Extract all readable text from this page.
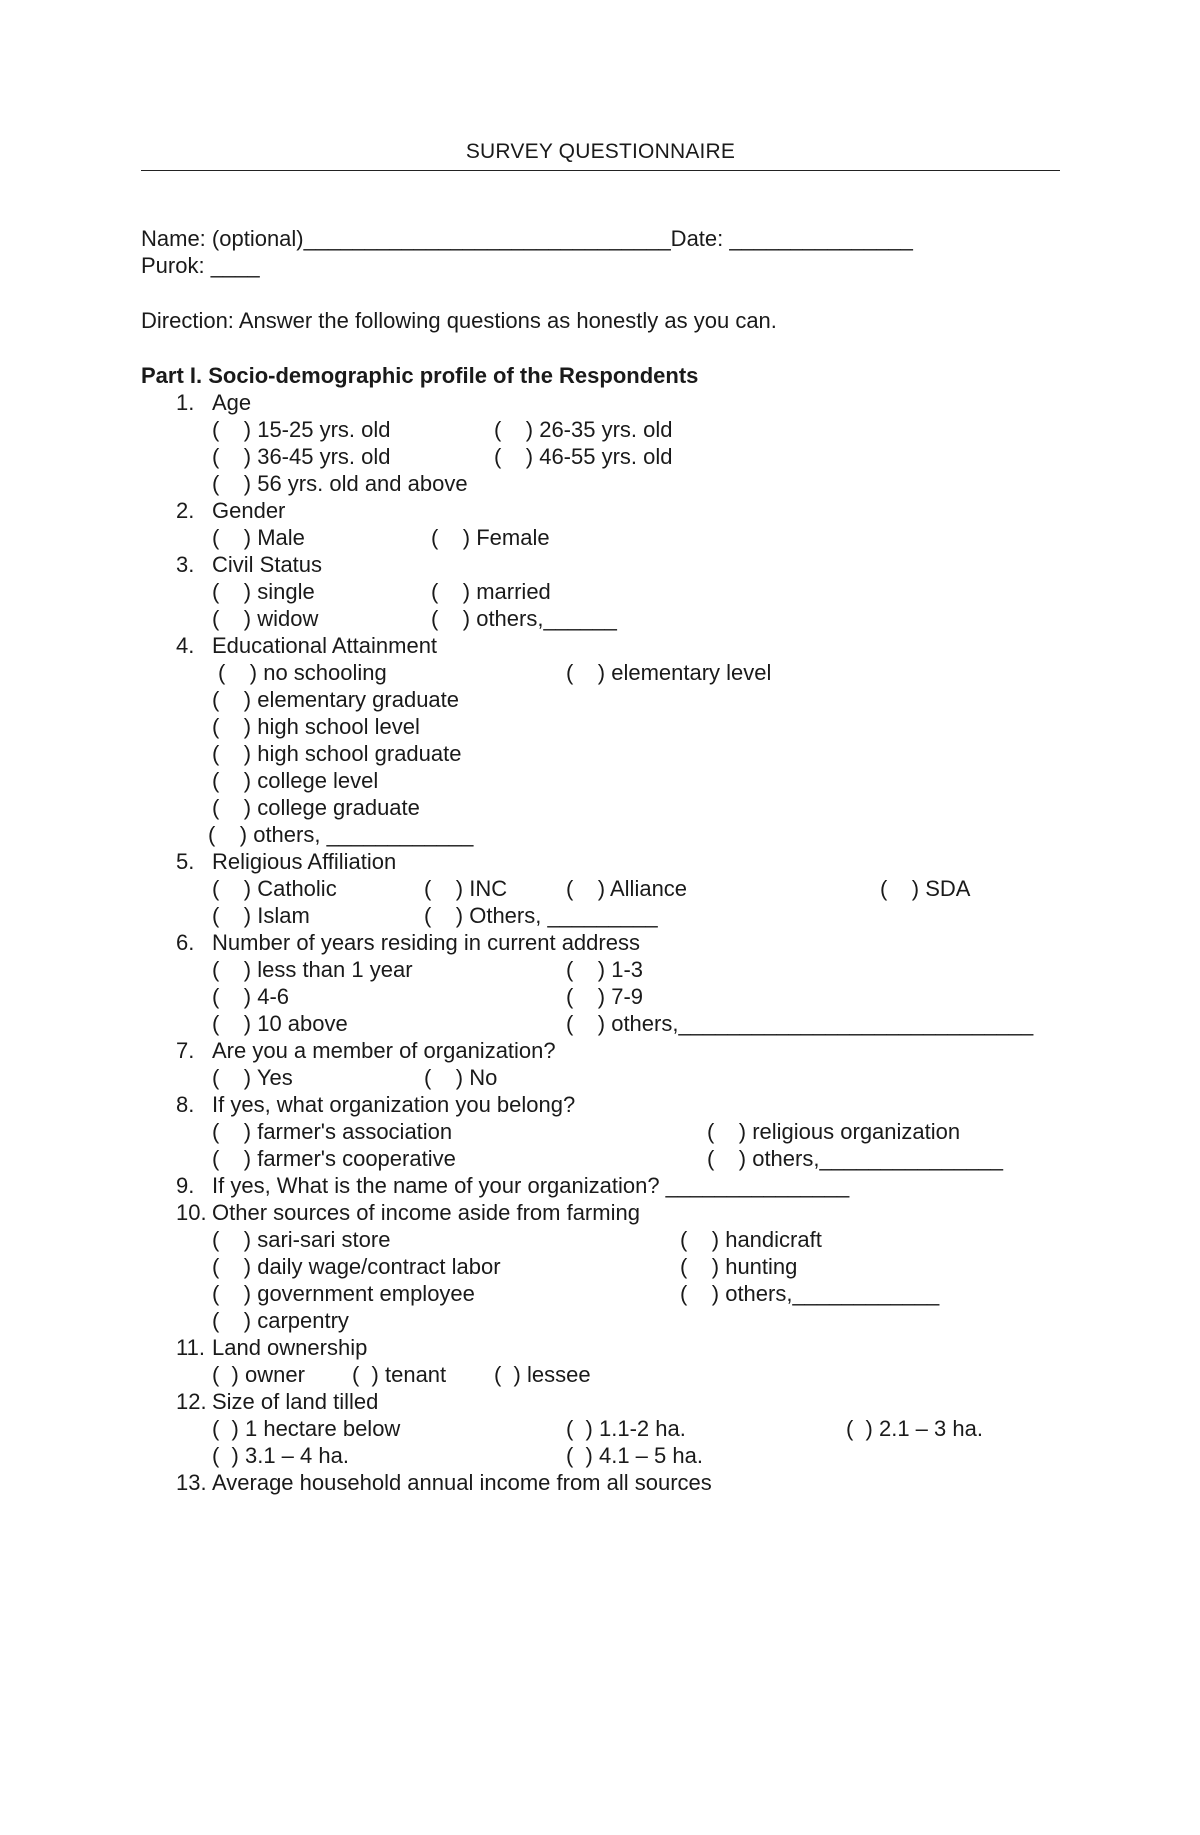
SURVEY QUESTIONNAIRE
Name: (optional)______________________________Date: _______________
Purok: ____
Direction: Answer the following questions as honestly as you can.
Part I. Socio-demographic profile of the Respondents
1. Age
(    ) 15-25 yrs. old	(    ) 26-35 yrs. old
(    ) 36-45 yrs. old	(    ) 46-55 yrs. old
(    ) 56 yrs. old and above
2. Gender
(    ) Male	(    ) Female
3. Civil Status
(    ) single	(    ) married
(    ) widow	(    ) others,______
4. Educational Attainment
(    ) no schooling	(    ) elementary level
(    ) elementary graduate
(    ) high school level
(    ) high school graduate
(    ) college level
(    ) college graduate
(    ) others, ____________
5. Religious Affiliation
(    ) Catholic	(    ) INC	(    ) Alliance	(    ) SDA
(    ) Islam	(    ) Others, _________
6. Number of years residing in current address
(    ) less than 1 year	(    ) 1-3
(    ) 4-6	(    ) 7-9
(    ) 10 above	(    ) others,_____________________________
7. Are you a member of organization?
(    ) Yes	(    ) No
8. If yes, what organization you belong?
(    ) farmer's association	(    ) religious organization
(    ) farmer's cooperative	(    ) others,_______________
9. If yes, What is the name of your organization? _______________
10. Other sources of income aside from farming
(    ) sari-sari store	(    ) handicraft
(    ) daily wage/contract labor	(    ) hunting
(    ) government employee	(    ) others,____________
(    ) carpentry
11. Land ownership
(  ) owner (  ) tenant (  ) lessee
12. Size of land tilled
(  ) 1 hectare below	(  ) 1.1-2 ha.	(  ) 2.1 – 3 ha.
(  ) 3.1 – 4 ha.	(  ) 4.1 – 5 ha.
13. Average household annual income from all sources
